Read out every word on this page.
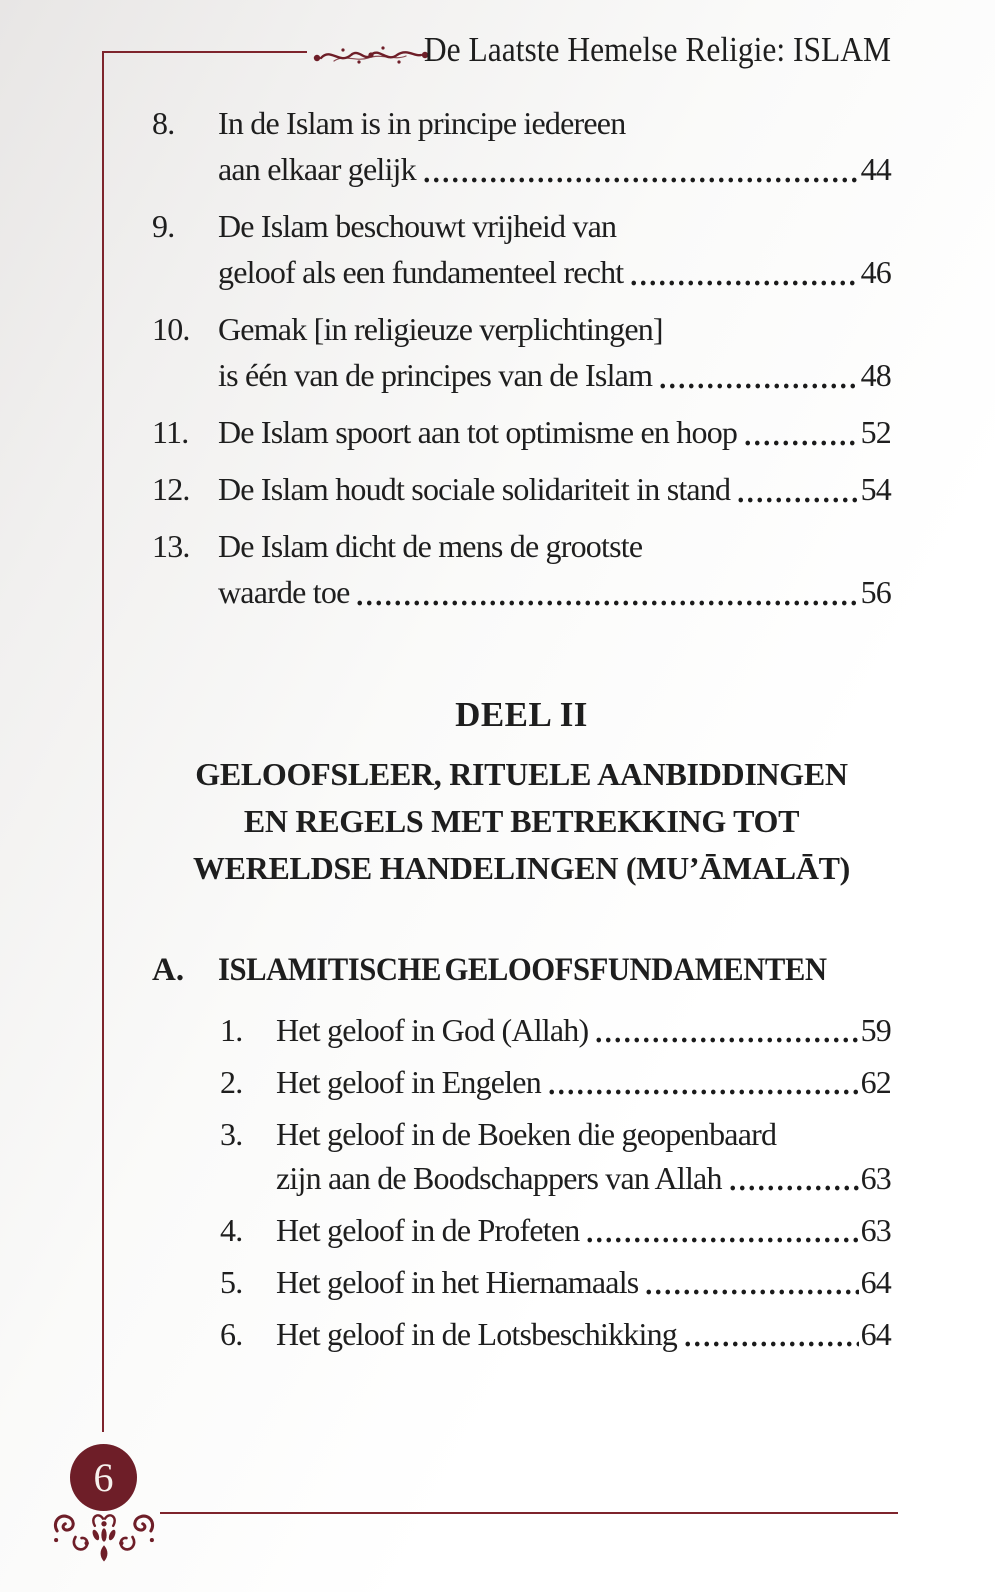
De Laatste Hemelse Religie: ISLAM
8.	In de Islam is in principe iedereen
aan elkaar gelijk	44
9.	De Islam beschouwt vrijheid van
geloof als een fundamenteel recht	46
10. Gemak [in religieuze verplichtingen]
is één van de principes van de Islam	48
11. De Islam spoort aan tot optimisme en hoop	52
12. De Islam houdt sociale solidariteit in stand	54
13. De Islam dicht de mens de grootste
waarde toe	56
DEEL II
GELOOFSLEER, RITUELE AANBIDDINGEN
EN REGELS MET BETREKKING TOT
WERELDSE HANDELINGEN (MU’ĀMALĀT)
A.	ISLAMITISCHE GELOOFSFUNDAMENTEN
1.	Het geloof in God (Allah)	59
2.	Het geloof in Engelen	62
3.	Het geloof in de Boeken die geopenbaard
zijn aan de Boodschappers van Allah	63
4.	Het geloof in de Profeten	63
5.	Het geloof in het Hiernamaals	64
6.	Het geloof in de Lotsbeschikking	64
6
